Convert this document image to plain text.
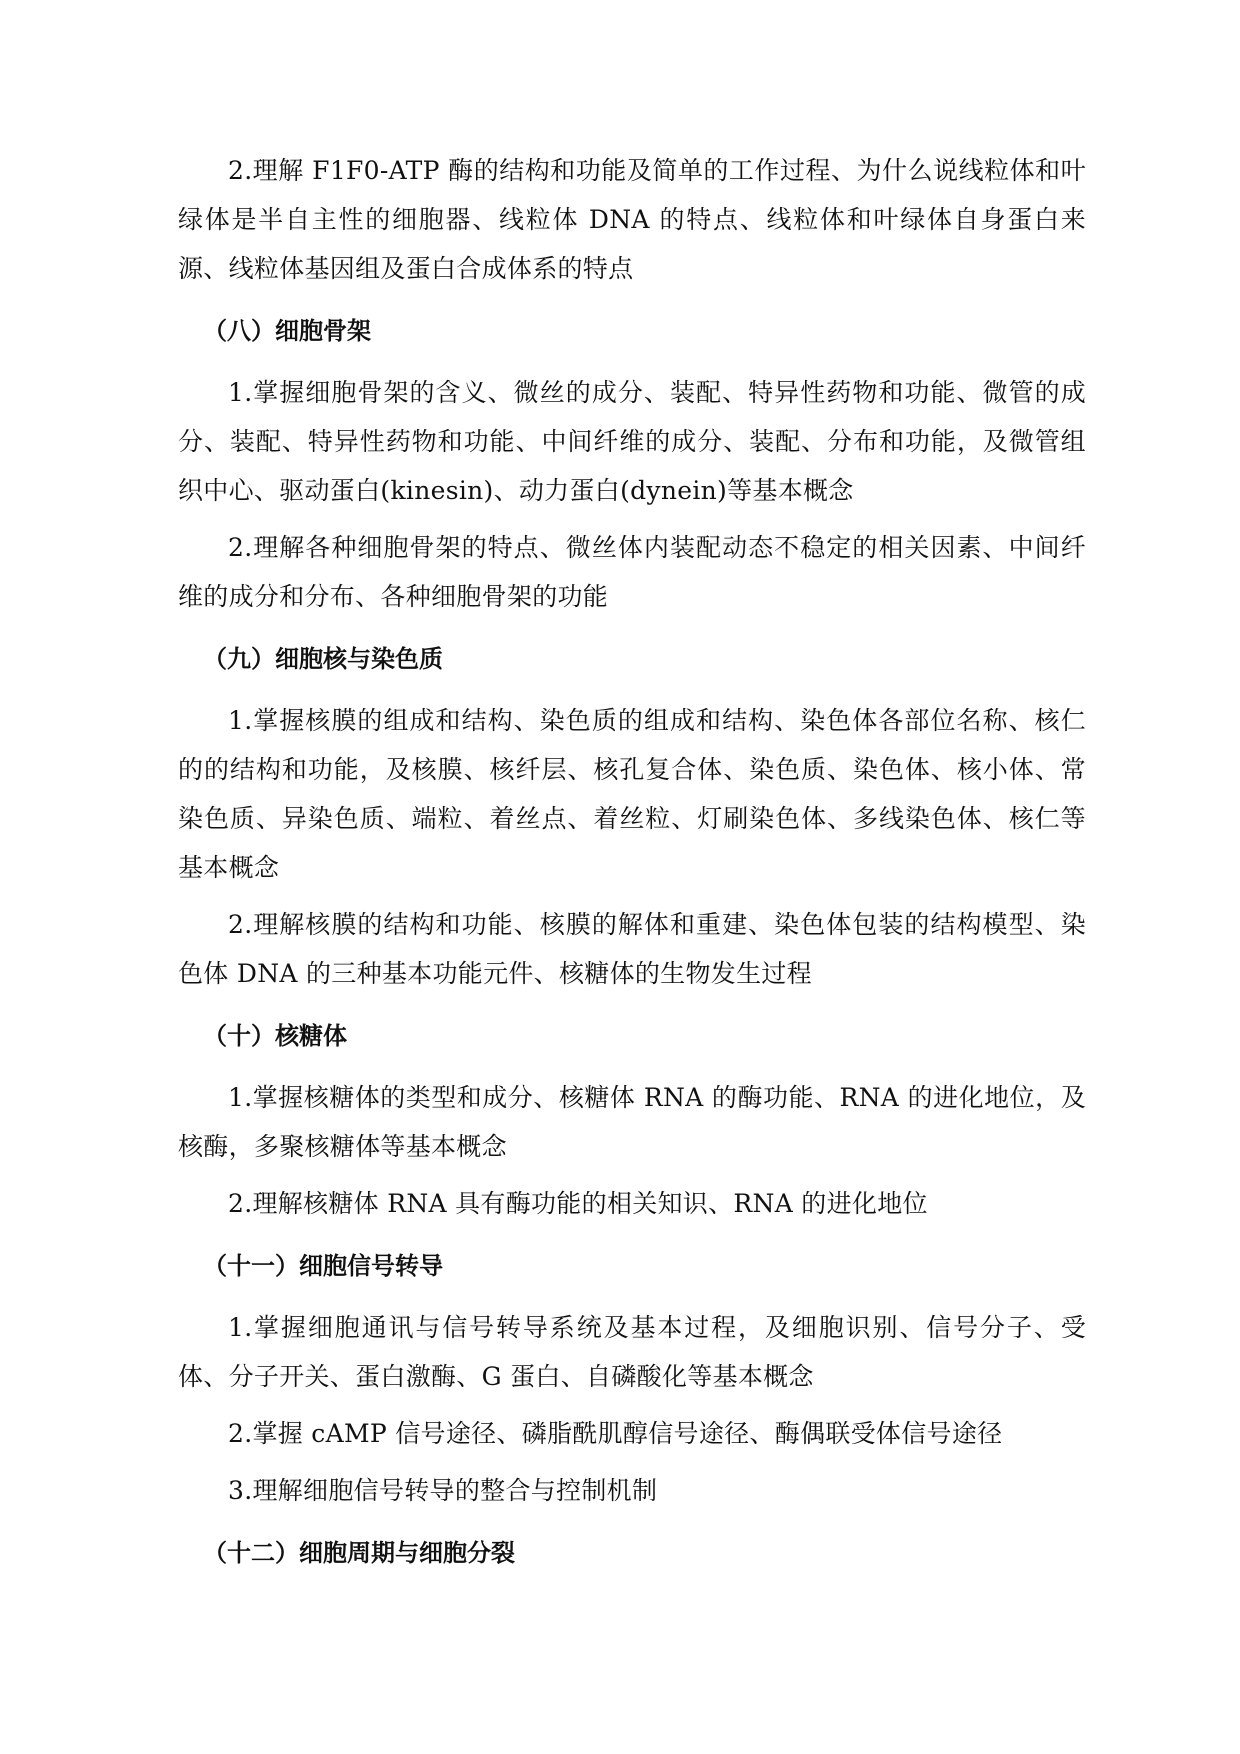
2.理解 F1F0-ATP 酶的结构和功能及简单的工作过程、为什么说线粒体和叶绿体是半自主性的细胞器、线粒体 DNA 的特点、线粒体和叶绿体自身蛋白来源、线粒体基因组及蛋白合成体系的特点

（八）细胞骨架

1.掌握细胞骨架的含义、微丝的成分、装配、特异性药物和功能、微管的成分、装配、特异性药物和功能、中间纤维的成分、装配、分布和功能，及微管组织中心、驱动蛋白(kinesin)、动力蛋白(dynein)等基本概念

2.理解各种细胞骨架的特点、微丝体内装配动态不稳定的相关因素、中间纤维的成分和分布、各种细胞骨架的功能

（九）细胞核与染色质

1.掌握核膜的组成和结构、染色质的组成和结构、染色体各部位名称、核仁的的结构和功能，及核膜、核纤层、核孔复合体、染色质、染色体、核小体、常染色质、异染色质、端粒、着丝点、着丝粒、灯刷染色体、多线染色体、核仁等基本概念

2.理解核膜的结构和功能、核膜的解体和重建、染色体包装的结构模型、染色体 DNA 的三种基本功能元件、核糖体的生物发生过程

（十）核糖体

1.掌握核糖体的类型和成分、核糖体 RNA 的酶功能、RNA 的进化地位，及核酶，多聚核糖体等基本概念

2.理解核糖体 RNA 具有酶功能的相关知识、RNA 的进化地位

（十一）细胞信号转导

1.掌握细胞通讯与信号转导系统及基本过程，及细胞识别、信号分子、受体、分子开关、蛋白激酶、G 蛋白、自磷酸化等基本概念

2.掌握 cAMP 信号途径、磷脂酰肌醇信号途径、酶偶联受体信号途径

3.理解细胞信号转导的整合与控制机制

（十二）细胞周期与细胞分裂
